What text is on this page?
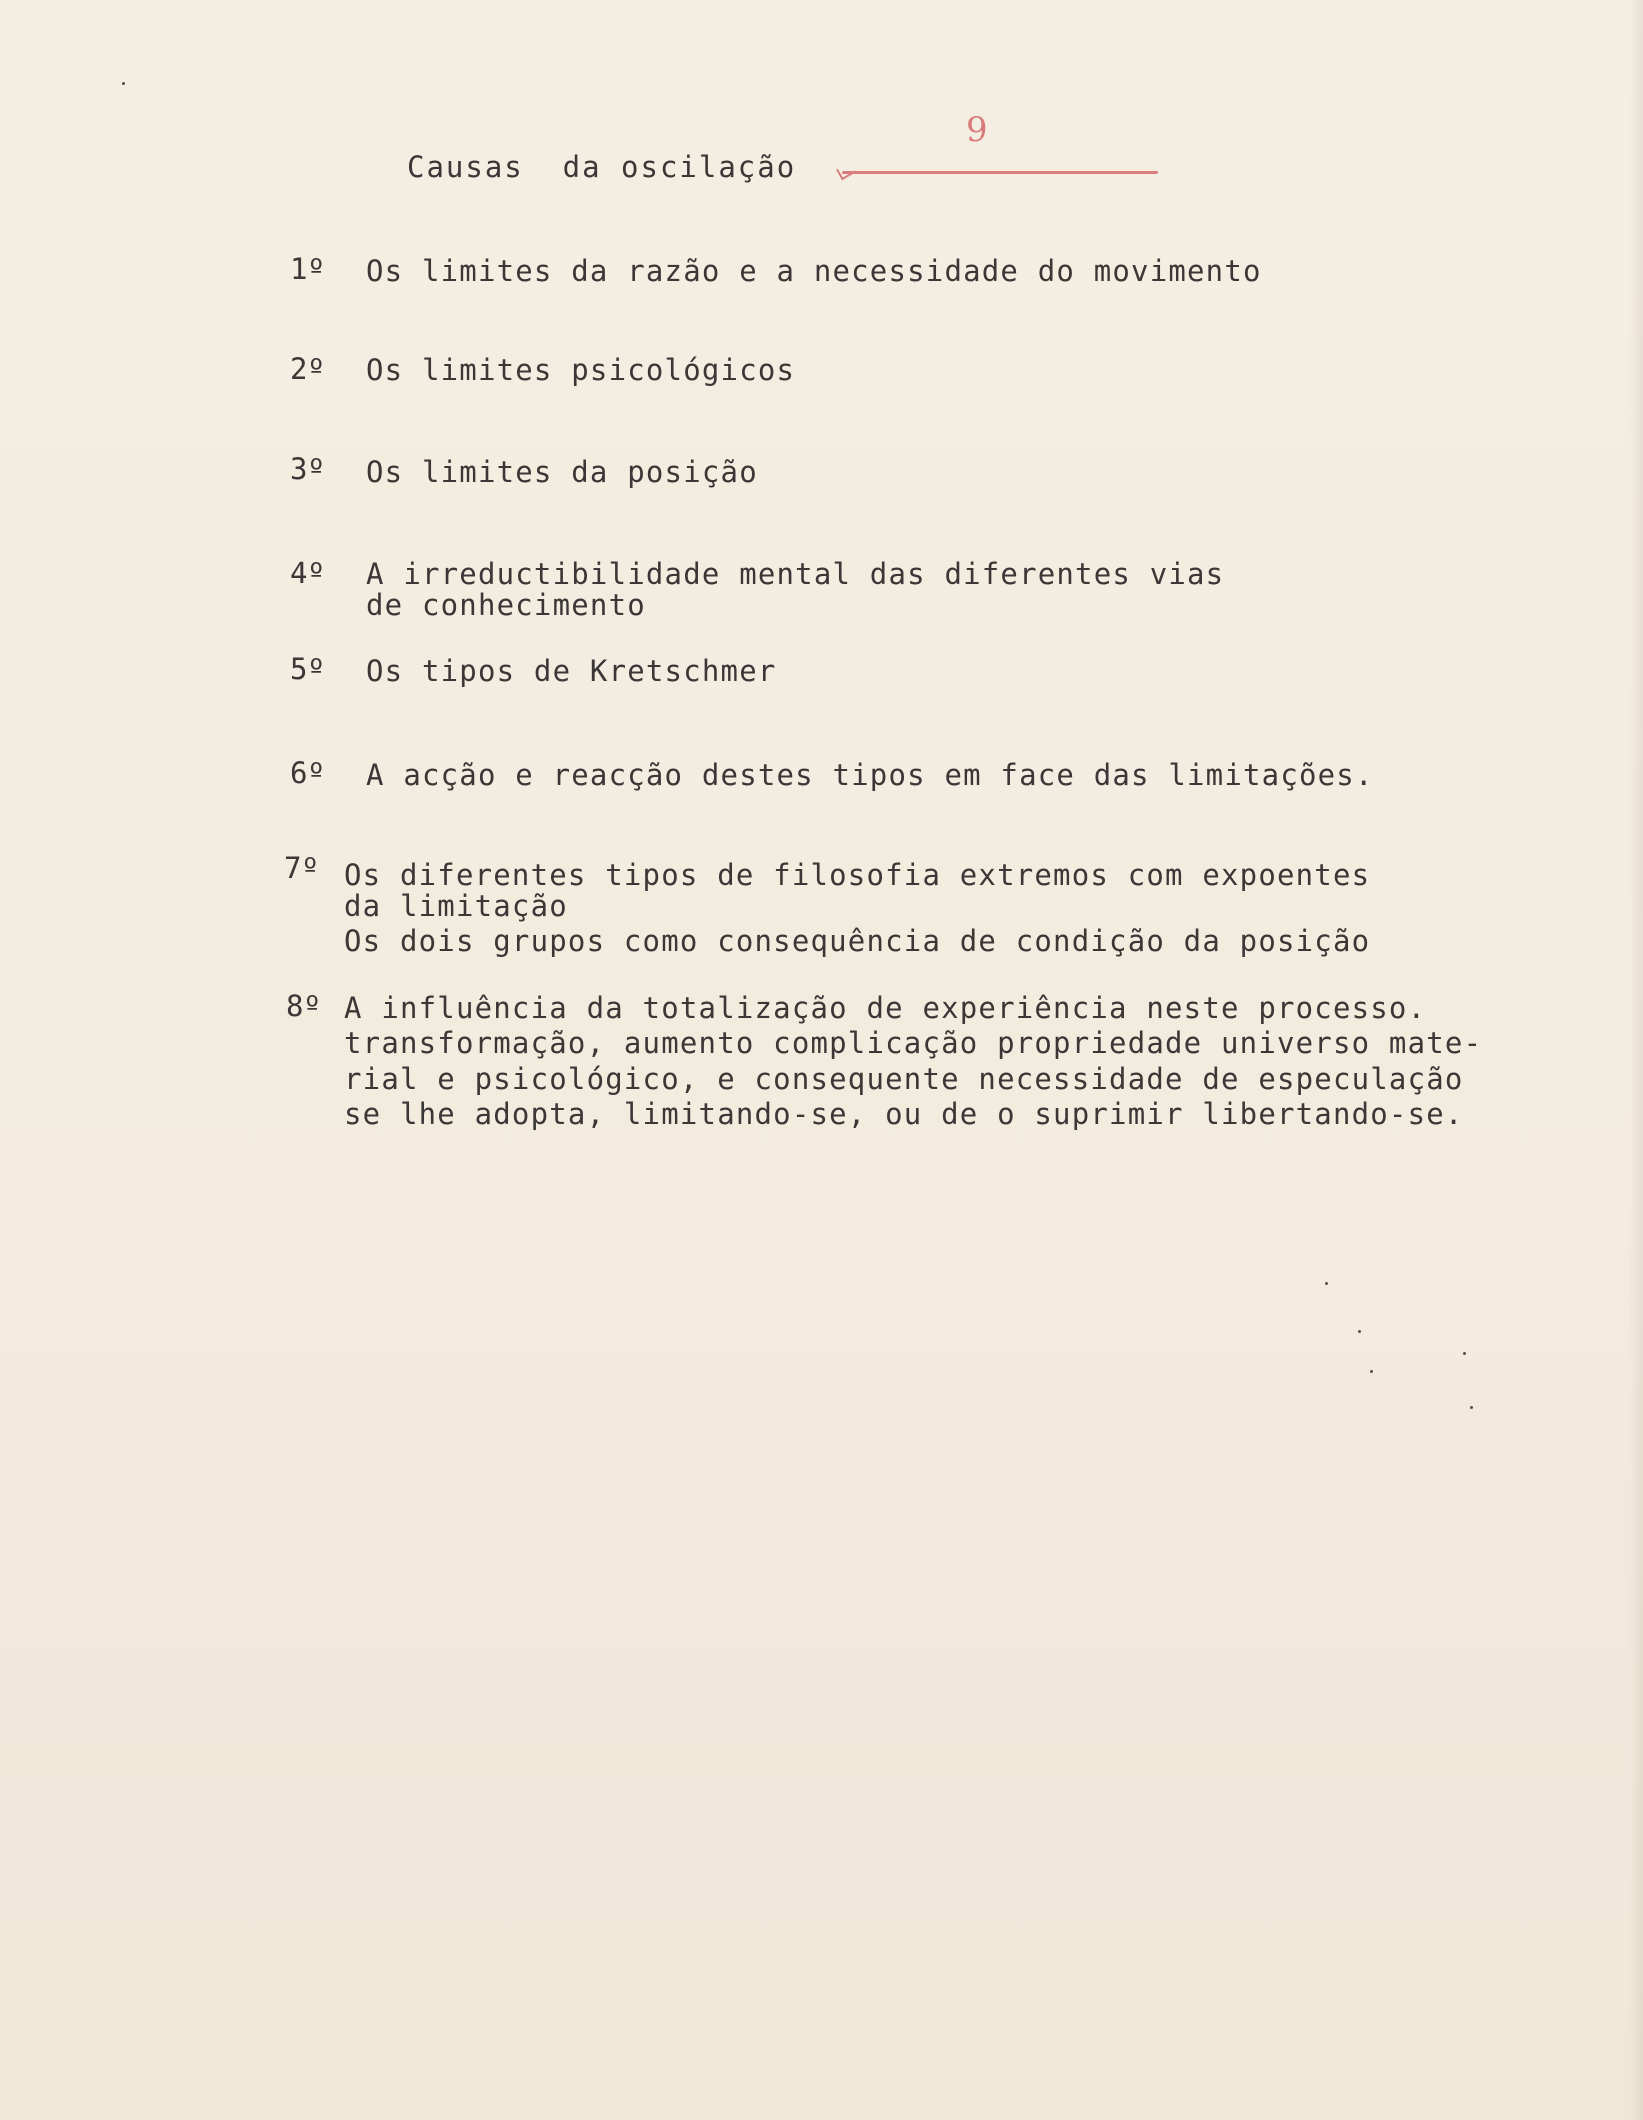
9
Causas  da oscilação
1º Os limites da razão e a necessidade do movimento
2º Os limites psicológicos
3º Os limites da posição
4º A irreductibilidade mental das diferentes vias
de conhecimento
5º Os tipos de Kretschmer
6º A acção e reacção destes tipos em face das limitações.
7º Os diferentes tipos de filosofia extremos com expoentes
da limitação
Os dois grupos como consequência de condição da posição
8º A influência da totalização de experiência neste processo.
transformação, aumento complicação propriedade universo mate-
rial e psicológico, e consequente necessidade de especulação
se lhe adopta, limitando-se, ou de o suprimir libertando-se.
